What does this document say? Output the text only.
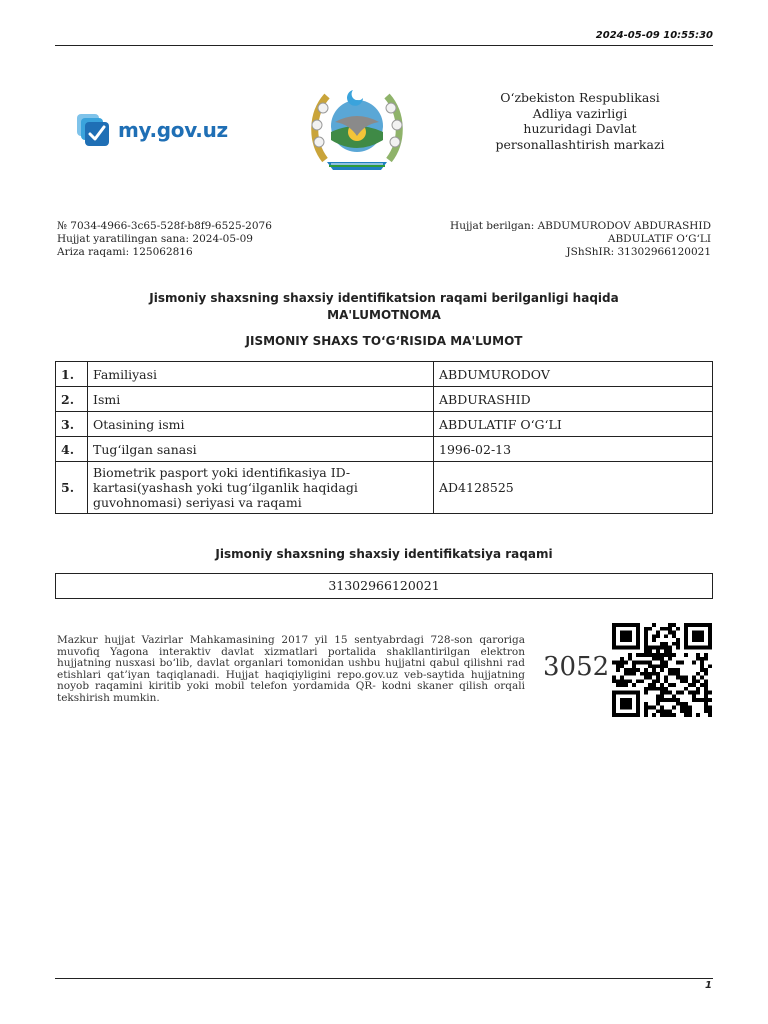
2024-05-09 10:55:30
my.gov.uz
O‘zbekiston Respublikasi
Adliya vazirligi
huzuridagi Davlat
personallashtirish markazi
№ 7034-4966-3c65-528f-b8f9-6525-2076
Hujjat yaratilingan sana: 2024-05-09
Ariza raqami: 125062816
Hujjat berilgan: ABDUMURODOV ABDURASHID
ABDULATIF O‘G‘LI
JShShIR: 31302966120021
Jismoniy shaxsning shaxsiy identifikatsion raqami berilganligi haqida
MA'LUMOTNOMA
JISMONIY SHAXS TO‘G‘RISIDA MA'LUMOT
1.	Familiyasi	ABDUMURODOV
2.	Ismi	ABDURASHID
3.	Otasining ismi	ABDULATIF O‘G‘LI
4.	Tug‘ilgan sanasi	1996-02-13
5.	Biometrik pasport yoki identifikasiya ID-kartasi(yashash yoki tug‘ilganlik haqidagi guvohnomasi) seriyasi va raqami	AD4128525
Jismoniy shaxsning shaxsiy identifikatsiya raqami
31302966120021
Mazkur hujjat Vazirlar Mahkamasining 2017 yil 15 sentyabrdagi 728-son qaroriga muvofiq Yagona interaktiv davlat xizmatlari portalida shakllantirilgan elektron hujjatning nusxasi bo‘lib, davlat organlari tomonidan ushbu hujjatni qabul qilishni rad etishlari qat’iyan taqiqlanadi. Hujjat haqiqiyligini repo.gov.uz veb-saytida hujjatning noyob raqamini kiritib yoki mobil telefon yordamida QR- kodni skaner qilish orqali tekshirish mumkin.
3052
1
